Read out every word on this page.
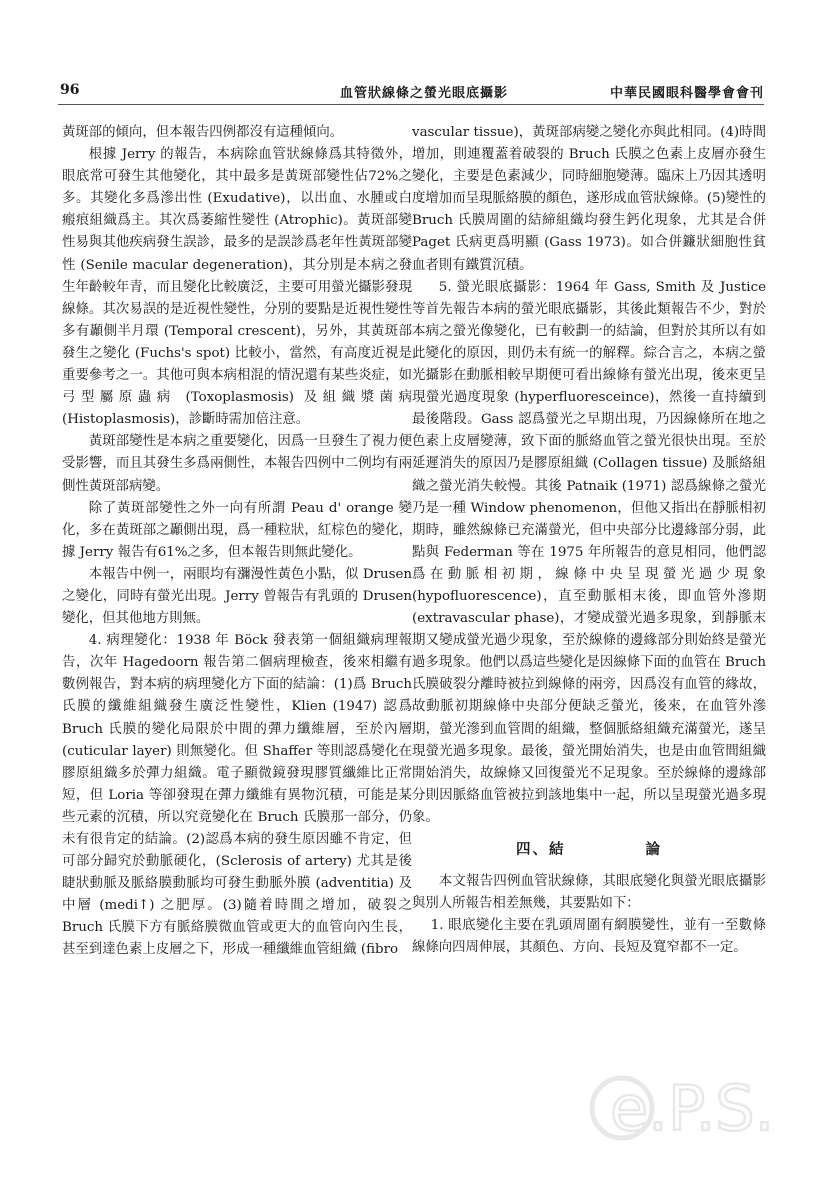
96	血管狀線條之螢光眼底攝影	中華民國眼科醫學會會刊

黃斑部的傾向，但本報告四例都沒有這種傾向。

根據 Jerry 的報告，本病除血管狀線條爲其特徵外，眼底常可發生其他變化，其中最多是黃斑部變性佔72%之多。其變化多爲滲出性 (Exudative)，以出血、水腫或白瘢痕組織爲主。其次爲萎縮性變性 (Atrophic)。黃斑部變性易與其他疾病發生誤診，最多的是誤診爲老年性黃斑部變性 (Senile macular degeneration)，其分別是本病之發生年齡較年青，而且變化比較廣泛，主要可用螢光攝影發現線條。其次易誤的是近視性變性，分別的要點是近視性變性多有顳側半月環 (Temporal crescent)，另外，其黃斑部發生之變化 (Fuchs's spot) 比較小，當然，有高度近視是重要參考之一。其他可與本病相混的情況還有某些炎症，如弓型屬原蟲病 (Toxoplasmosis) 及組織漿菌病 (Histoplasmosis)，診斷時需加倍注意。

黃斑部變性是本病之重要變化，因爲一旦發生了視力便受影響，而且其發生多爲兩側性，本報告四例中二例均有兩側性黃斑部病變。

除了黃斑部變性之外一向有所謂 Peau d' orange 變化，多在黃斑部之顳側出現，爲一種粒狀，紅棕色的變化，據 Jerry 報告有61%之多，但本報告則無此變化。

本報告中例一，兩眼均有瀰漫性黃色小點，似 Drusen 之變化，同時有螢光出現。Jerry 曾報告有乳頭的 Drusen 變化，但其他地方則無。

4. 病理變化：1938 年 Böck 發表第一個組織病理報告，次年 Hagedoorn 報告第二個病理檢查，後來相繼有數例報告，對本病的病理變化方下面的結論：(1)爲 Bruch 氏膜的纖維組織發生廣泛性變性，Klien (1947) 認爲 Bruch 氏膜的變化局限於中間的彈力纖維層，至於內層 (cuticular layer) 則無變化。但 Shaffer 等則認爲變化在膠原組織多於彈力組織。電子顯微鏡發現膠質纖維比正常短，但 Loria 等卻發現在彈力纖維有異物沉積，可能是某些元素的沉積，所以究竟變化在 Bruch 氏膜那一部分，仍未有很肯定的結論。(2)認爲本病的發生原因雖不肯定，但可部分歸究於動脈硬化，(Sclerosis of artery) 尤其是後睫狀動脈及脈絡膜動脈均可發生動脈外膜 (adventitia) 及中層 (medi↑) 之肥厚。(3)隨着時間之增加，破裂之 Bruch 氏膜下方有脈絡膜微血管或更大的血管向內生長，甚至到達色素上皮層之下，形成一種纖維血管組織 (fibro

vascular tissue)，黃斑部病變之變化亦與此相同。(4)時間增加，則連覆蓋着破裂的 Bruch 氏膜之色素上皮層亦發生變化，主要是色素減少，同時細胞變薄。臨床上乃因其透明度增加而呈現脈絡膜的顏色，遂形成血管狀線條。(5)變性的 Bruch 氏膜周圍的結締組織均發生鈣化現象，尤其是合併 Paget 氏病更爲明顯 (Gass 1973)。如合併鐮狀細胞性貧血者則有鐵質沉積。

5. 螢光眼底攝影：1964 年 Gass, Smith 及 Justice 等首先報告本病的螢光眼底攝影，其後此類報告不少，對於本病之螢光像變化，已有較劃一的結論，但對於其所以有如此變化的原因，則仍未有統一的解釋。綜合言之，本病之螢光攝影在動脈相較早期便可看出線條有螢光出現，後來更呈現螢光過度現象 (hyperfluoresceince)，然後一直持續到最後階段。Gass 認爲螢光之早期出現，乃因線條所在地之色素上皮層變薄，致下面的脈絡血管之螢光很快出現。至於延遲消失的原因乃是膠原組織 (Collagen tissue) 及脈絡組織之螢光消失較慢。其後 Patnaik (1971) 認爲線條之螢光乃是一種 Window phenomenon，但他又指出在靜脈相初期時，雖然線條已充滿螢光，但中央部分比邊緣部分弱，此點與 Federman 等在 1975 年所報告的意見相同，他們認爲在動脈相初期，線條中央呈現螢光過少現象 (hypofluorescence)，直至動脈相末後，即血管外滲期 (extravascular phase)，才變成螢光過多現象，到靜脈末期又變成螢光過少現象，至於線條的邊緣部分則始終是螢光過多現象。他們以爲這些變化是因線條下面的血管在 Bruch 氏膜破裂分離時被拉到線條的兩旁，因爲沒有血管的緣故，故動脈初期線條中央部分便缺乏螢光，後來，在血管外滲期，螢光滲到血管間的組織，整個脈絡組織充滿螢光，遂呈現螢光過多現象。最後，螢光開始消失，也是由血管間組織開始消失，故線條又回復螢光不足現象。至於線條的邊緣部分則因脈絡血管被拉到該地集中一起，所以呈現螢光過多現象。

四、結	論

本文報告四例血管狀線條，其眼底變化與螢光眼底攝影與別人所報告相差無幾，其要點如下：

1. 眼底變化主要在乳頭周圍有網膜變性，並有一至數條線條向四周伸展，其顏色、方向、長短及寬窄都不一定。

e.P.S.
